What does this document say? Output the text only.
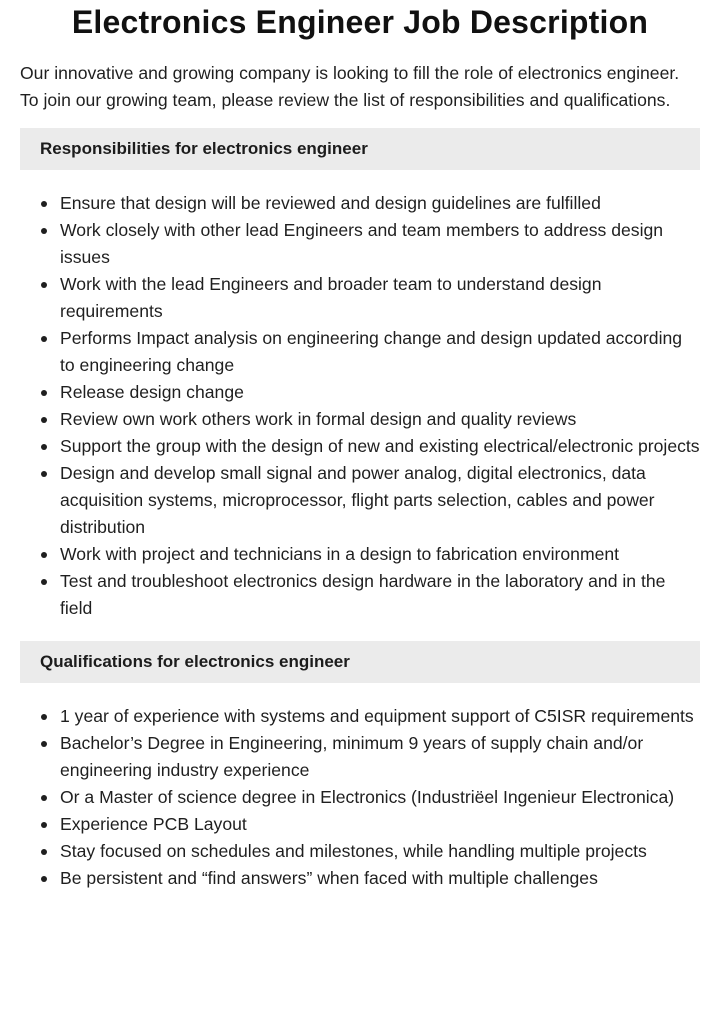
Electronics Engineer Job Description

Our innovative and growing company is looking to fill the role of electronics engineer. To join our growing team, please review the list of responsibilities and qualifications.

Responsibilities for electronics engineer
Ensure that design will be reviewed and design guidelines are fulfilled
Work closely with other lead Engineers and team members to address design issues
Work with the lead Engineers and broader team to understand design requirements
Performs Impact analysis on engineering change and design updated according to engineering change
Release design change
Review own work others work in formal design and quality reviews
Support the group with the design of new and existing electrical/electronic projects
Design and develop small signal and power analog, digital electronics, data acquisition systems, microprocessor, flight parts selection, cables and power distribution
Work with project and technicians in a design to fabrication environment
Test and troubleshoot electronics design hardware in the laboratory and in the field
Qualifications for electronics engineer
1 year of experience with systems and equipment support of C5ISR requirements
Bachelor’s Degree in Engineering, minimum 9 years of supply chain and/or engineering industry experience
Or a Master of science degree in Electronics (Industriëel Ingenieur Electronica)
Experience PCB Layout
Stay focused on schedules and milestones, while handling multiple projects
Be persistent and “find answers” when faced with multiple challenges
